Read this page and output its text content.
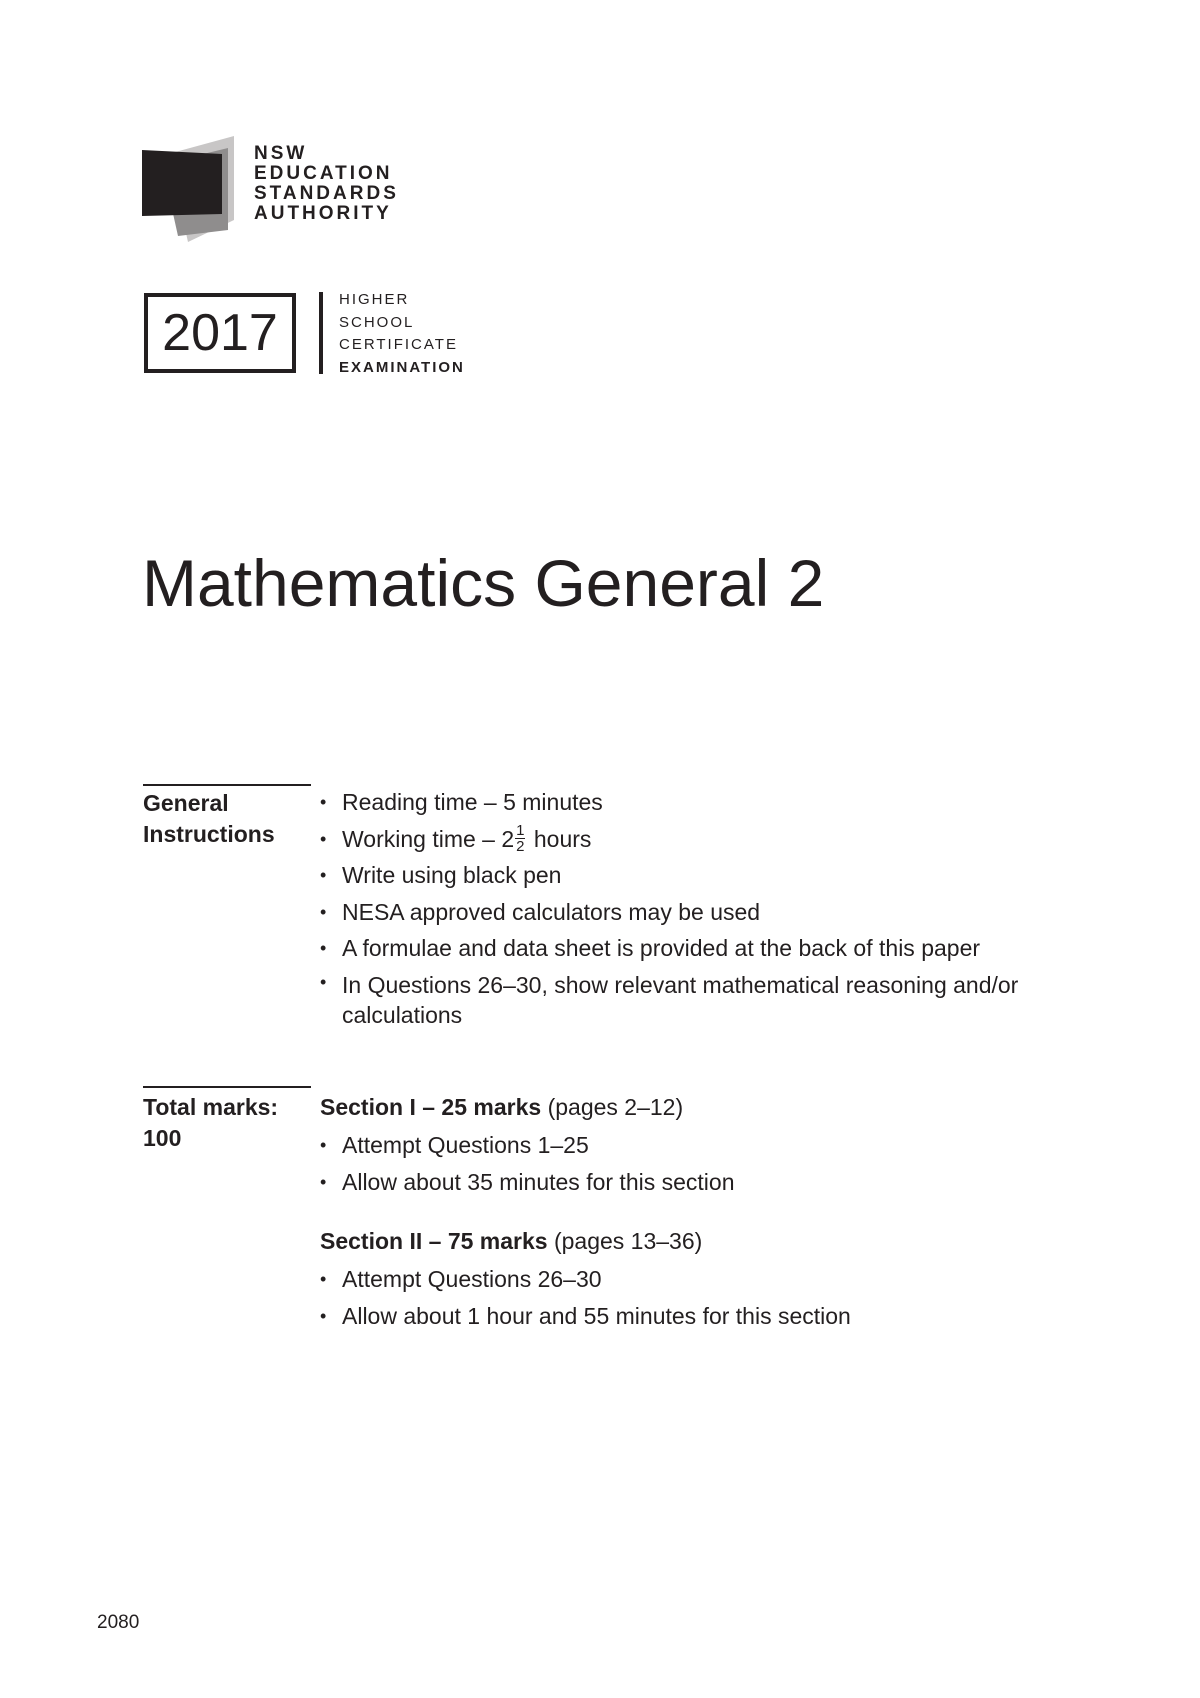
NSW
EDUCATION
STANDARDS
AUTHORITY
2017
HIGHER
SCHOOL
CERTIFICATE
EXAMINATION
Mathematics General 2
General
Instructions
• Reading time – 5 minutes
• Working time – $2 \frac{1}{2}$ hours
• Write using black pen
• NESA approved calculators may be used
• A formulae and data sheet is provided at the back of this paper
• In Questions 26–30, show relevant mathematical reasoning and/or calculations
Total marks:
100
Section I – 25 marks (pages 2–12)
• Attempt Questions 1–25
• Allow about 35 minutes for this section
Section II – 75 marks (pages 13–36)
• Attempt Questions 26–30
• Allow about 1 hour and 55 minutes for this section
2080
